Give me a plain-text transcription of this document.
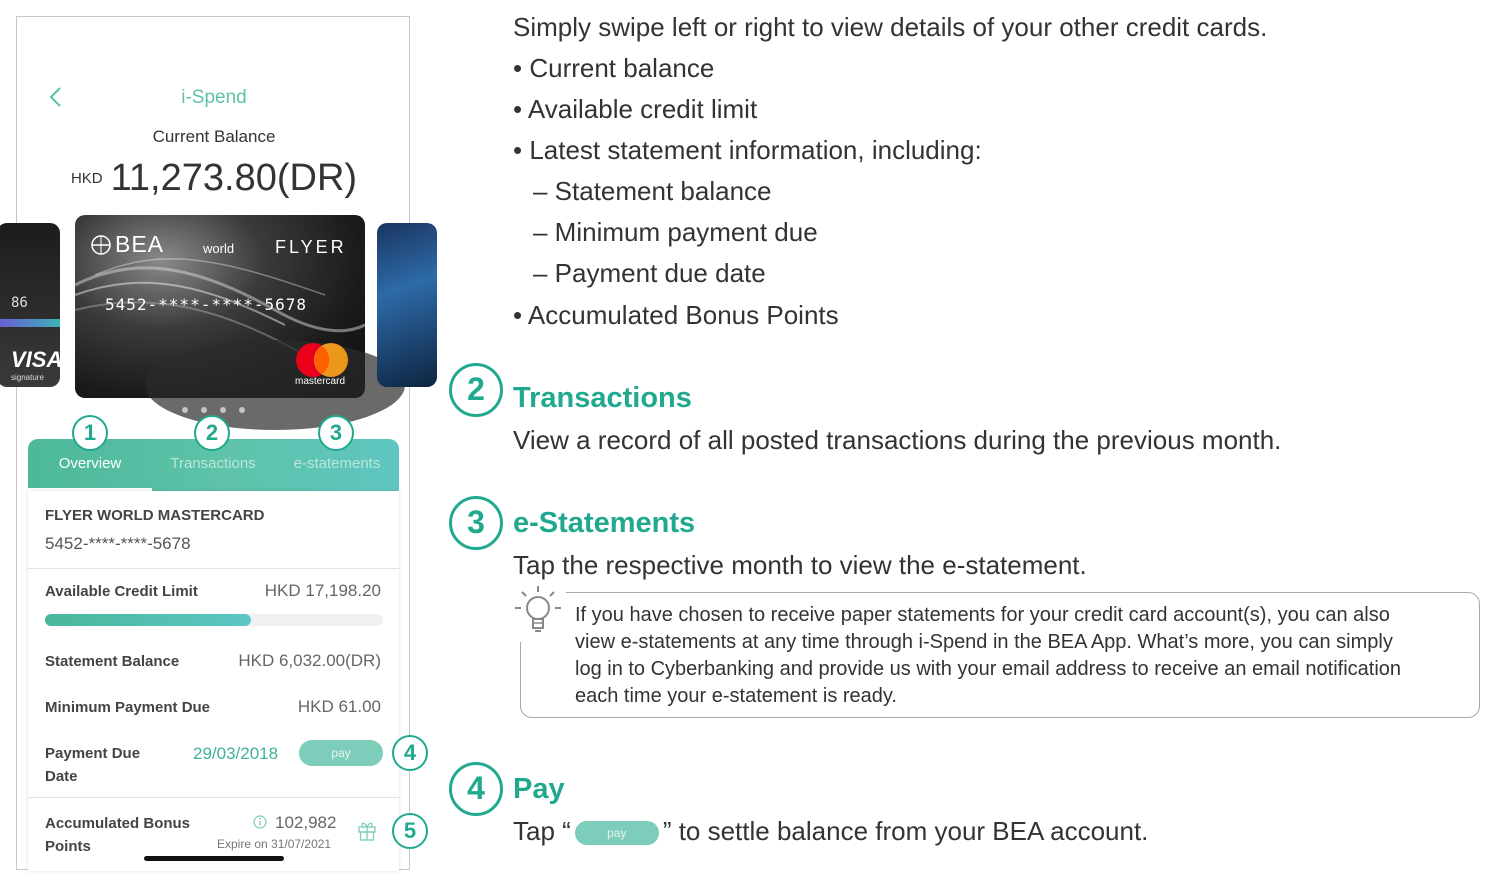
i-Spend
Current Balance
HKD 11,273.80(DR)
86
VISA
signature
BEA	world FLYER
5452-****-****-5678
mastercard
Overview	Transactions	e-statements
1	2	3
FLYER WORLD MASTERCARD
5452-****-****-5678
Available Credit Limit	HKD 17,198.20
Statement Balance	HKD 6,032.00(DR)
Minimum Payment Due	HKD 61.00
Payment Due
Date
29/03/2018	pay	4
Accumulated Bonus
Points
102,982
Expire on 31/07/2021
5
Simply swipe left or right to view details of your other credit cards.
• Current balance
• Available credit limit
• Latest statement information, including:
– Statement balance
– Minimum payment due
– Payment due date
• Accumulated Bonus Points
2 Transactions
View a record of all posted transactions during the previous month.
3 e-Statements
Tap the respective month to view the e-statement.
If you have chosen to receive paper statements for your credit card account(s), you can also
view e-statements at any time through i-Spend in the BEA App. What’s more, you can simply
log in to Cyberbanking and provide us with your email address to receive an email notification
each time your e-statement is ready.
4 Pay
Tap “	pay ” to settle balance from your BEA account.
